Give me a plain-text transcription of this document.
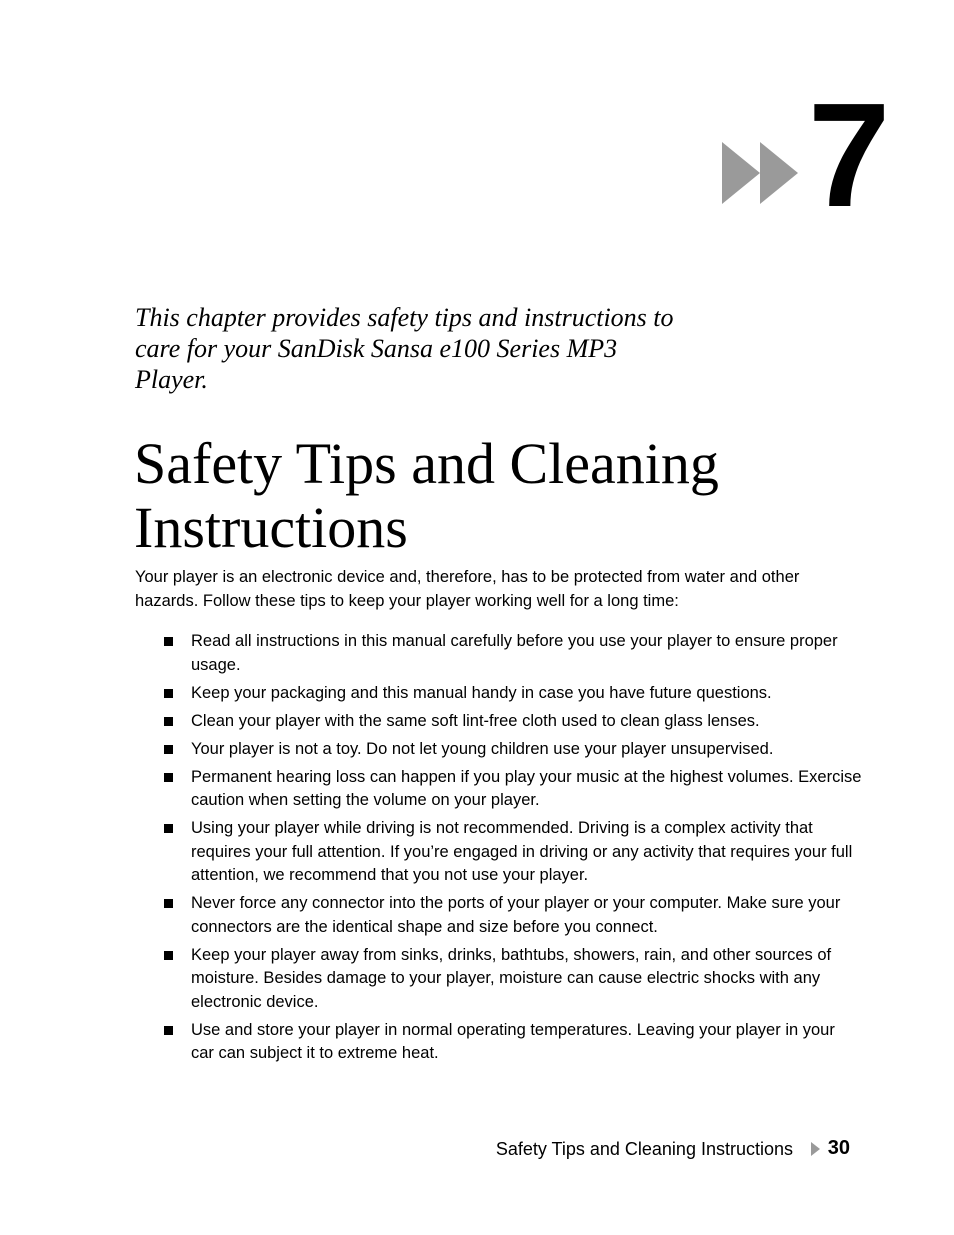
7
This chapter provides safety tips and instructions to care for your SanDisk Sansa e100 Series MP3 Player.
Safety Tips and Cleaning Instructions

Your player is an electronic device and, therefore, has to be protected from water and other hazards. Follow these tips to keep your player working well for a long time:

Read all instructions in this manual carefully before you use your player to ensure proper usage.
Keep your packaging and this manual handy in case you have future questions.
Clean your player with the same soft lint-free cloth used to clean glass lenses.
Your player is not a toy. Do not let young children use your player unsupervised.
Permanent hearing loss can happen if you play your music at the highest volumes. Exercise caution when setting the volume on your player.
Using your player while driving is not recommended. Driving is a complex activity that requires your full attention. If you’re engaged in driving or any activity that requires your full attention, we recommend that you not use your player.
Never force any connector into the ports of your player or your computer. Make sure your connectors are the identical shape and size before you connect.
Keep your player away from sinks, drinks, bathtubs, showers, rain, and other sources of moisture. Besides damage to your player, moisture can cause electric shocks with any electronic device.
Use and store your player in normal operating temperatures. Leaving your player in your car can subject it to extreme heat.
Safety Tips and Cleaning Instructions 30
